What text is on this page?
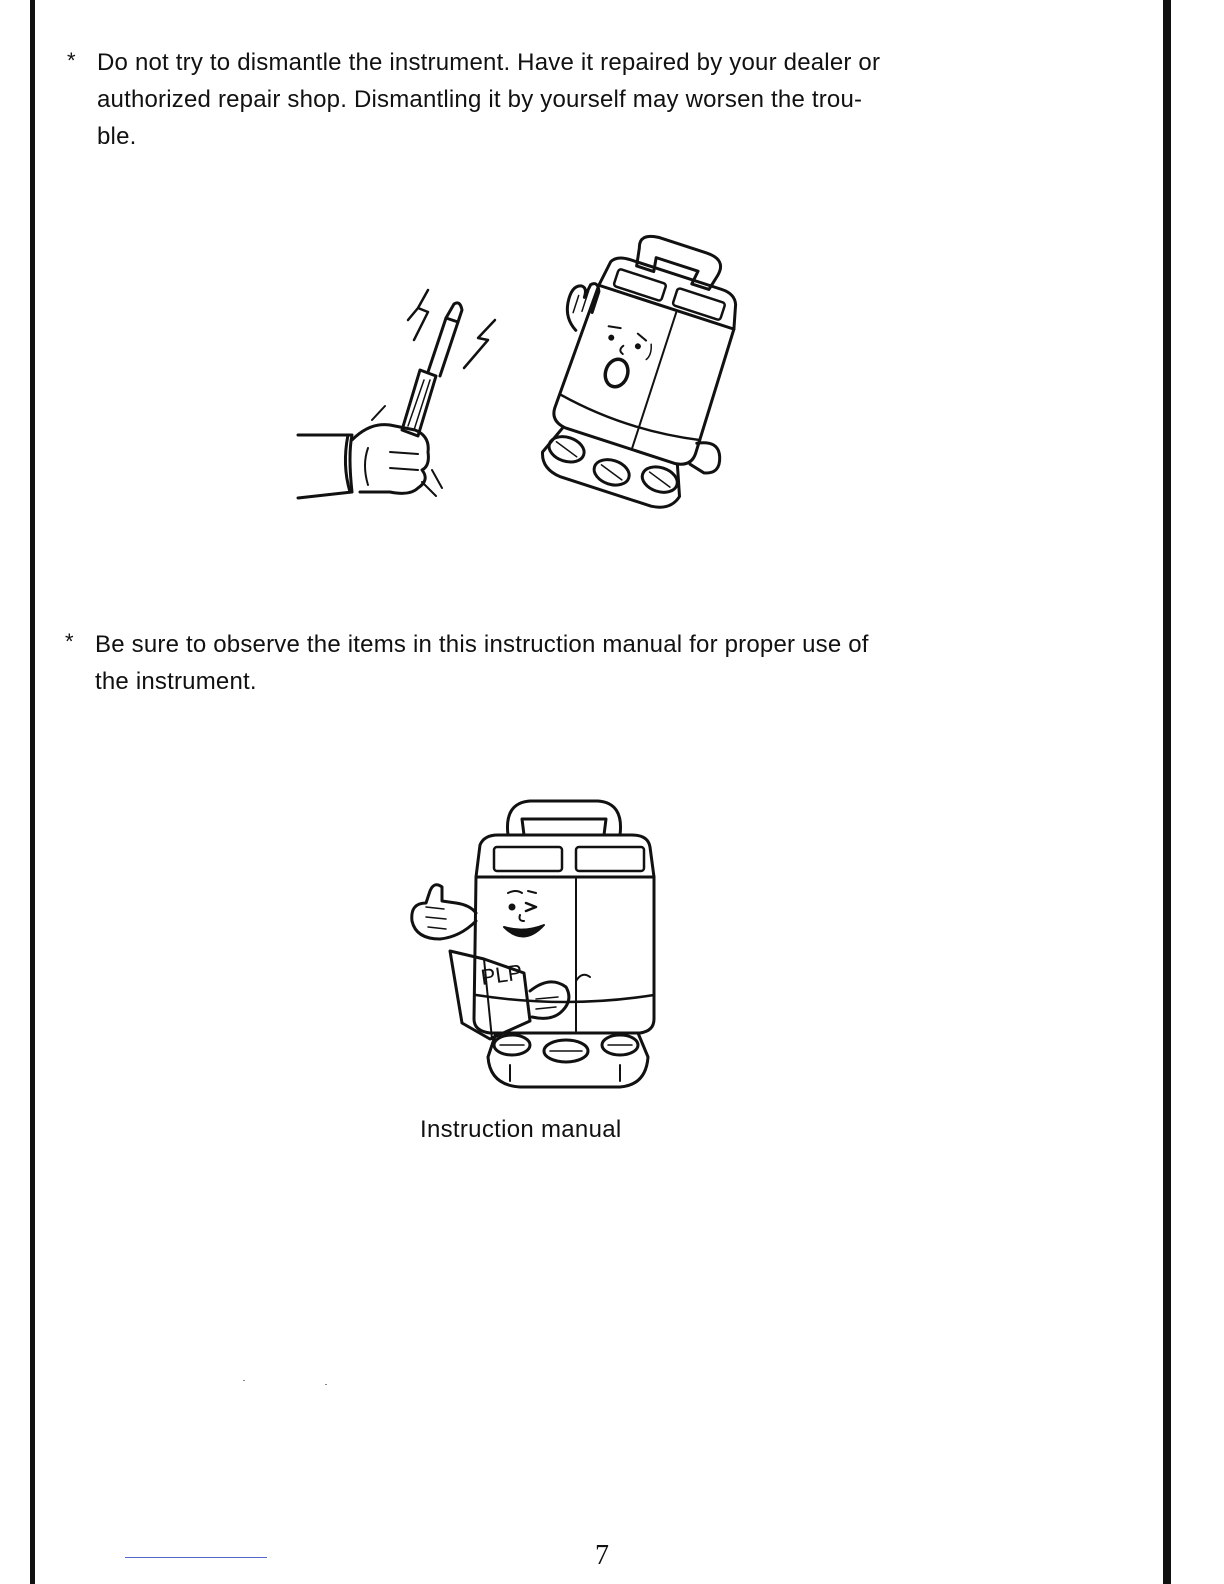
* Do not try to dismantle the instrument. Have it repaired by your dealer or
authorized repair shop. Dismantling it by yourself may worsen the trou-
ble.
* Be sure to observe the items in this instruction manual for proper use of
the instrument.
PLP
Instruction manual
7
